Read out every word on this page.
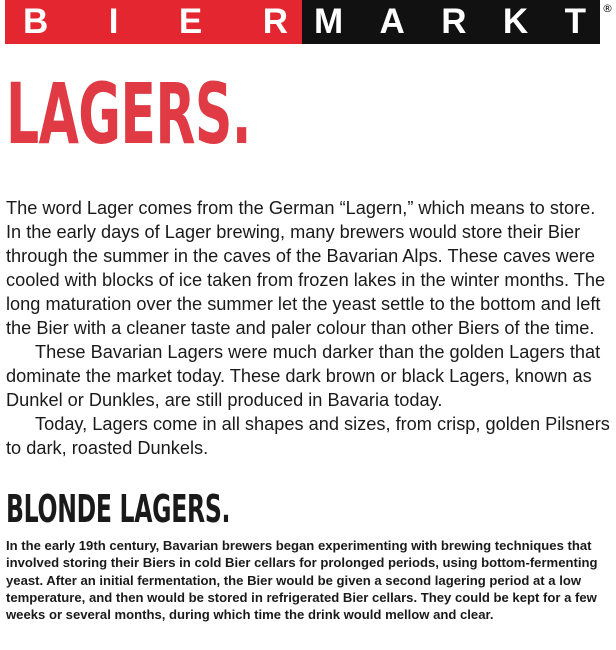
B I E R M A R K T ®
LAGERS.

The word Lager comes from the German “Lagern,” which means to store. In the early days of Lager brewing, many brewers would store their Bier through the summer in the caves of the Bavarian Alps. These caves were cooled with blocks of ice taken from frozen lakes in the winter months. The long maturation over the summer let the yeast settle to the bottom and left the Bier with a cleaner taste and paler colour than other Biers of the time.

These Bavarian Lagers were much darker than the golden Lagers that dominate the market today. These dark brown or black Lagers, known as Dunkel or Dunkles, are still produced in Bavaria today.

Today, Lagers come in all shapes and sizes, from crisp, golden Pilsners to dark, roasted Dunkels.

BLONDE LAGERS.

In the early 19th century, Bavarian brewers began experimenting with brewing techniques that involved storing their Biers in cold Bier cellars for prolonged periods, using bottom-fermenting yeast. After an initial fermentation, the Bier would be given a second lagering period at a low temperature, and then would be stored in refrigerated Bier cellars. They could be kept for a few weeks or several months, during which time the drink would mellow and clear.
